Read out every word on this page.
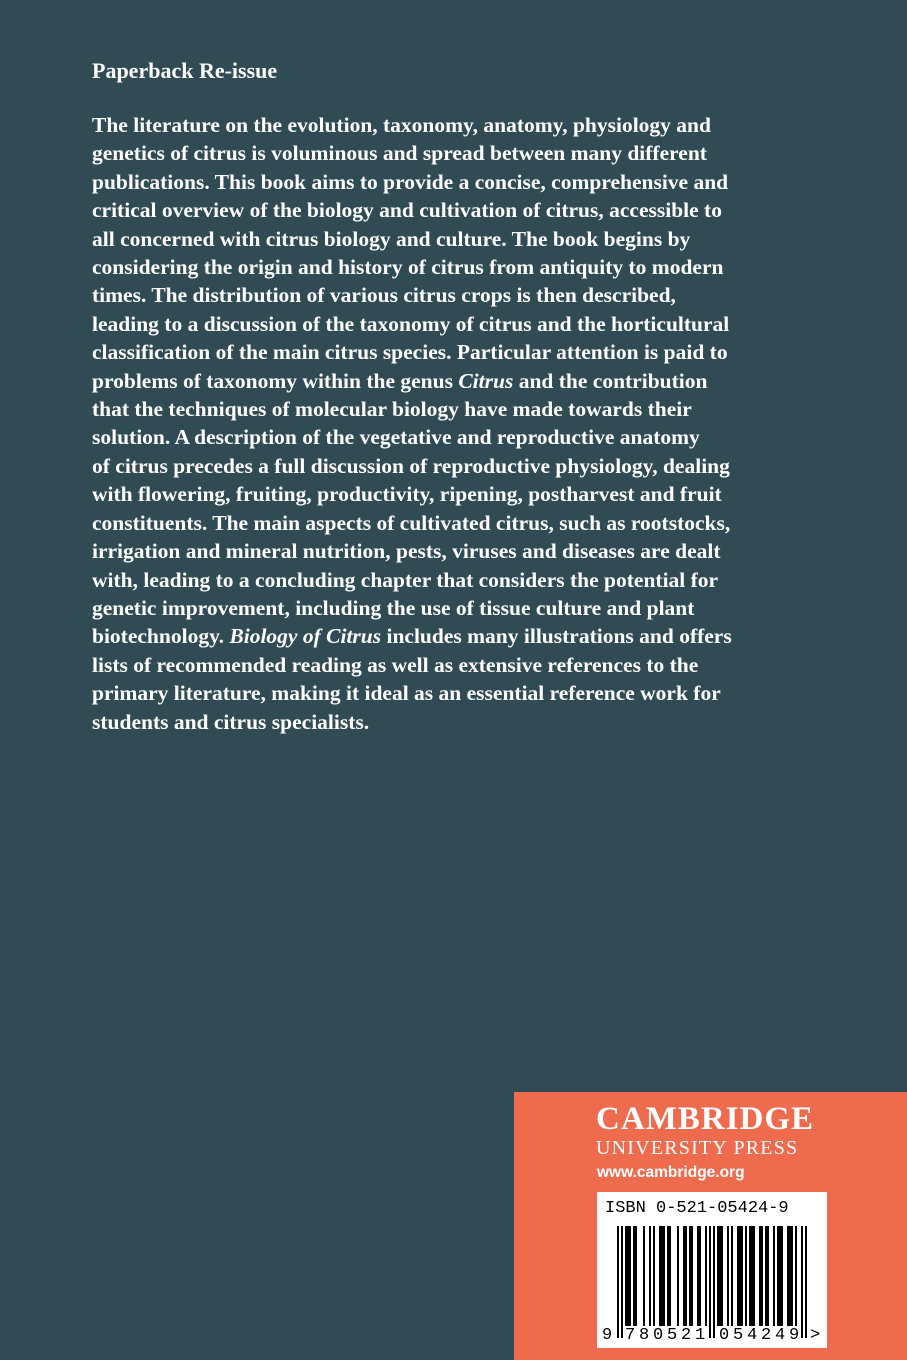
Paperback Re-issue
The literature on the evolution, taxonomy, anatomy, physiology and
genetics of citrus is voluminous and spread between many different
publications. This book aims to provide a concise, comprehensive and
critical overview of the biology and cultivation of citrus, accessible to
all concerned with citrus biology and culture. The book begins by
considering the origin and history of citrus from antiquity to modern
times. The distribution of various citrus crops is then described,
leading to a discussion of the taxonomy of citrus and the horticultural
classification of the main citrus species. Particular attention is paid to
problems of taxonomy within the genus Citrus and the contribution
that the techniques of molecular biology have made towards their
solution. A description of the vegetative and reproductive anatomy
of citrus precedes a full discussion of reproductive physiology, dealing
with flowering, fruiting, productivity, ripening, postharvest and fruit
constituents. The main aspects of cultivated citrus, such as rootstocks,
irrigation and mineral nutrition, pests, viruses and diseases are dealt
with, leading to a concluding chapter that considers the potential for
genetic improvement, including the use of tissue culture and plant
biotechnology. Biology of Citrus includes many illustrations and offers
lists of recommended reading as well as extensive references to the
primary literature, making it ideal as an essential reference work for
students and citrus specialists.
CAMBRIDGE
UNIVERSITY PRESS
www.cambridge.org
ISBN 0-521-05424-9
9 7 8 0 5 2 1 0 5 4 2 4 9 >
